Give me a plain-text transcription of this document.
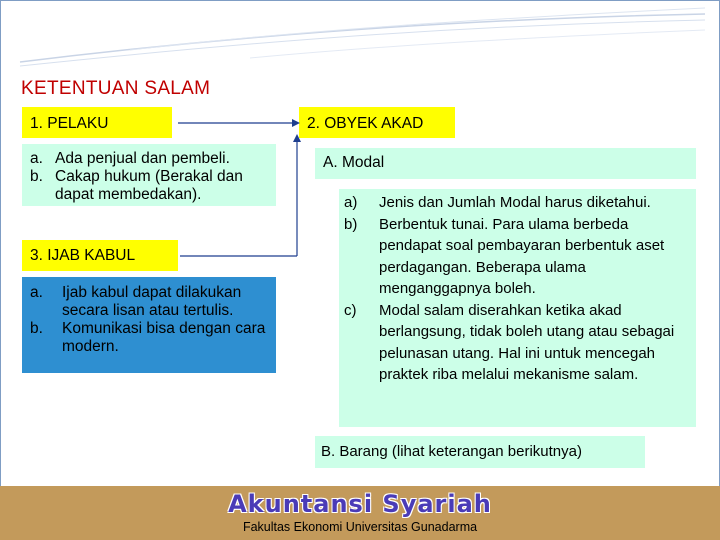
KETENTUAN SALAM
1. PELAKU
a. Ada penjual dan pembeli.
b. Cakap hukum (Berakal dan dapat membedakan).
3. IJAB KABUL
a.	Ijab kabul dapat dilakukan secara lisan atau tertulis.
b.	Komunikasi bisa dengan cara modern.
2. OBYEK AKAD
A. Modal
a)	Jenis dan Jumlah Modal harus diketahui.
b)	Berbentuk tunai. Para ulama berbeda pendapat soal pembayaran berbentuk aset perdagangan. Beberapa ulama menganggapnya boleh.
c)	Modal salam diserahkan ketika akad berlangsung, tidak boleh utang atau sebagai pelunasan utang. Hal ini untuk mencegah praktek riba melalui mekanisme salam.
B. Barang (lihat keterangan berikutnya)
Akuntansi Syariah
Fakultas Ekonomi Universitas Gunadarma
